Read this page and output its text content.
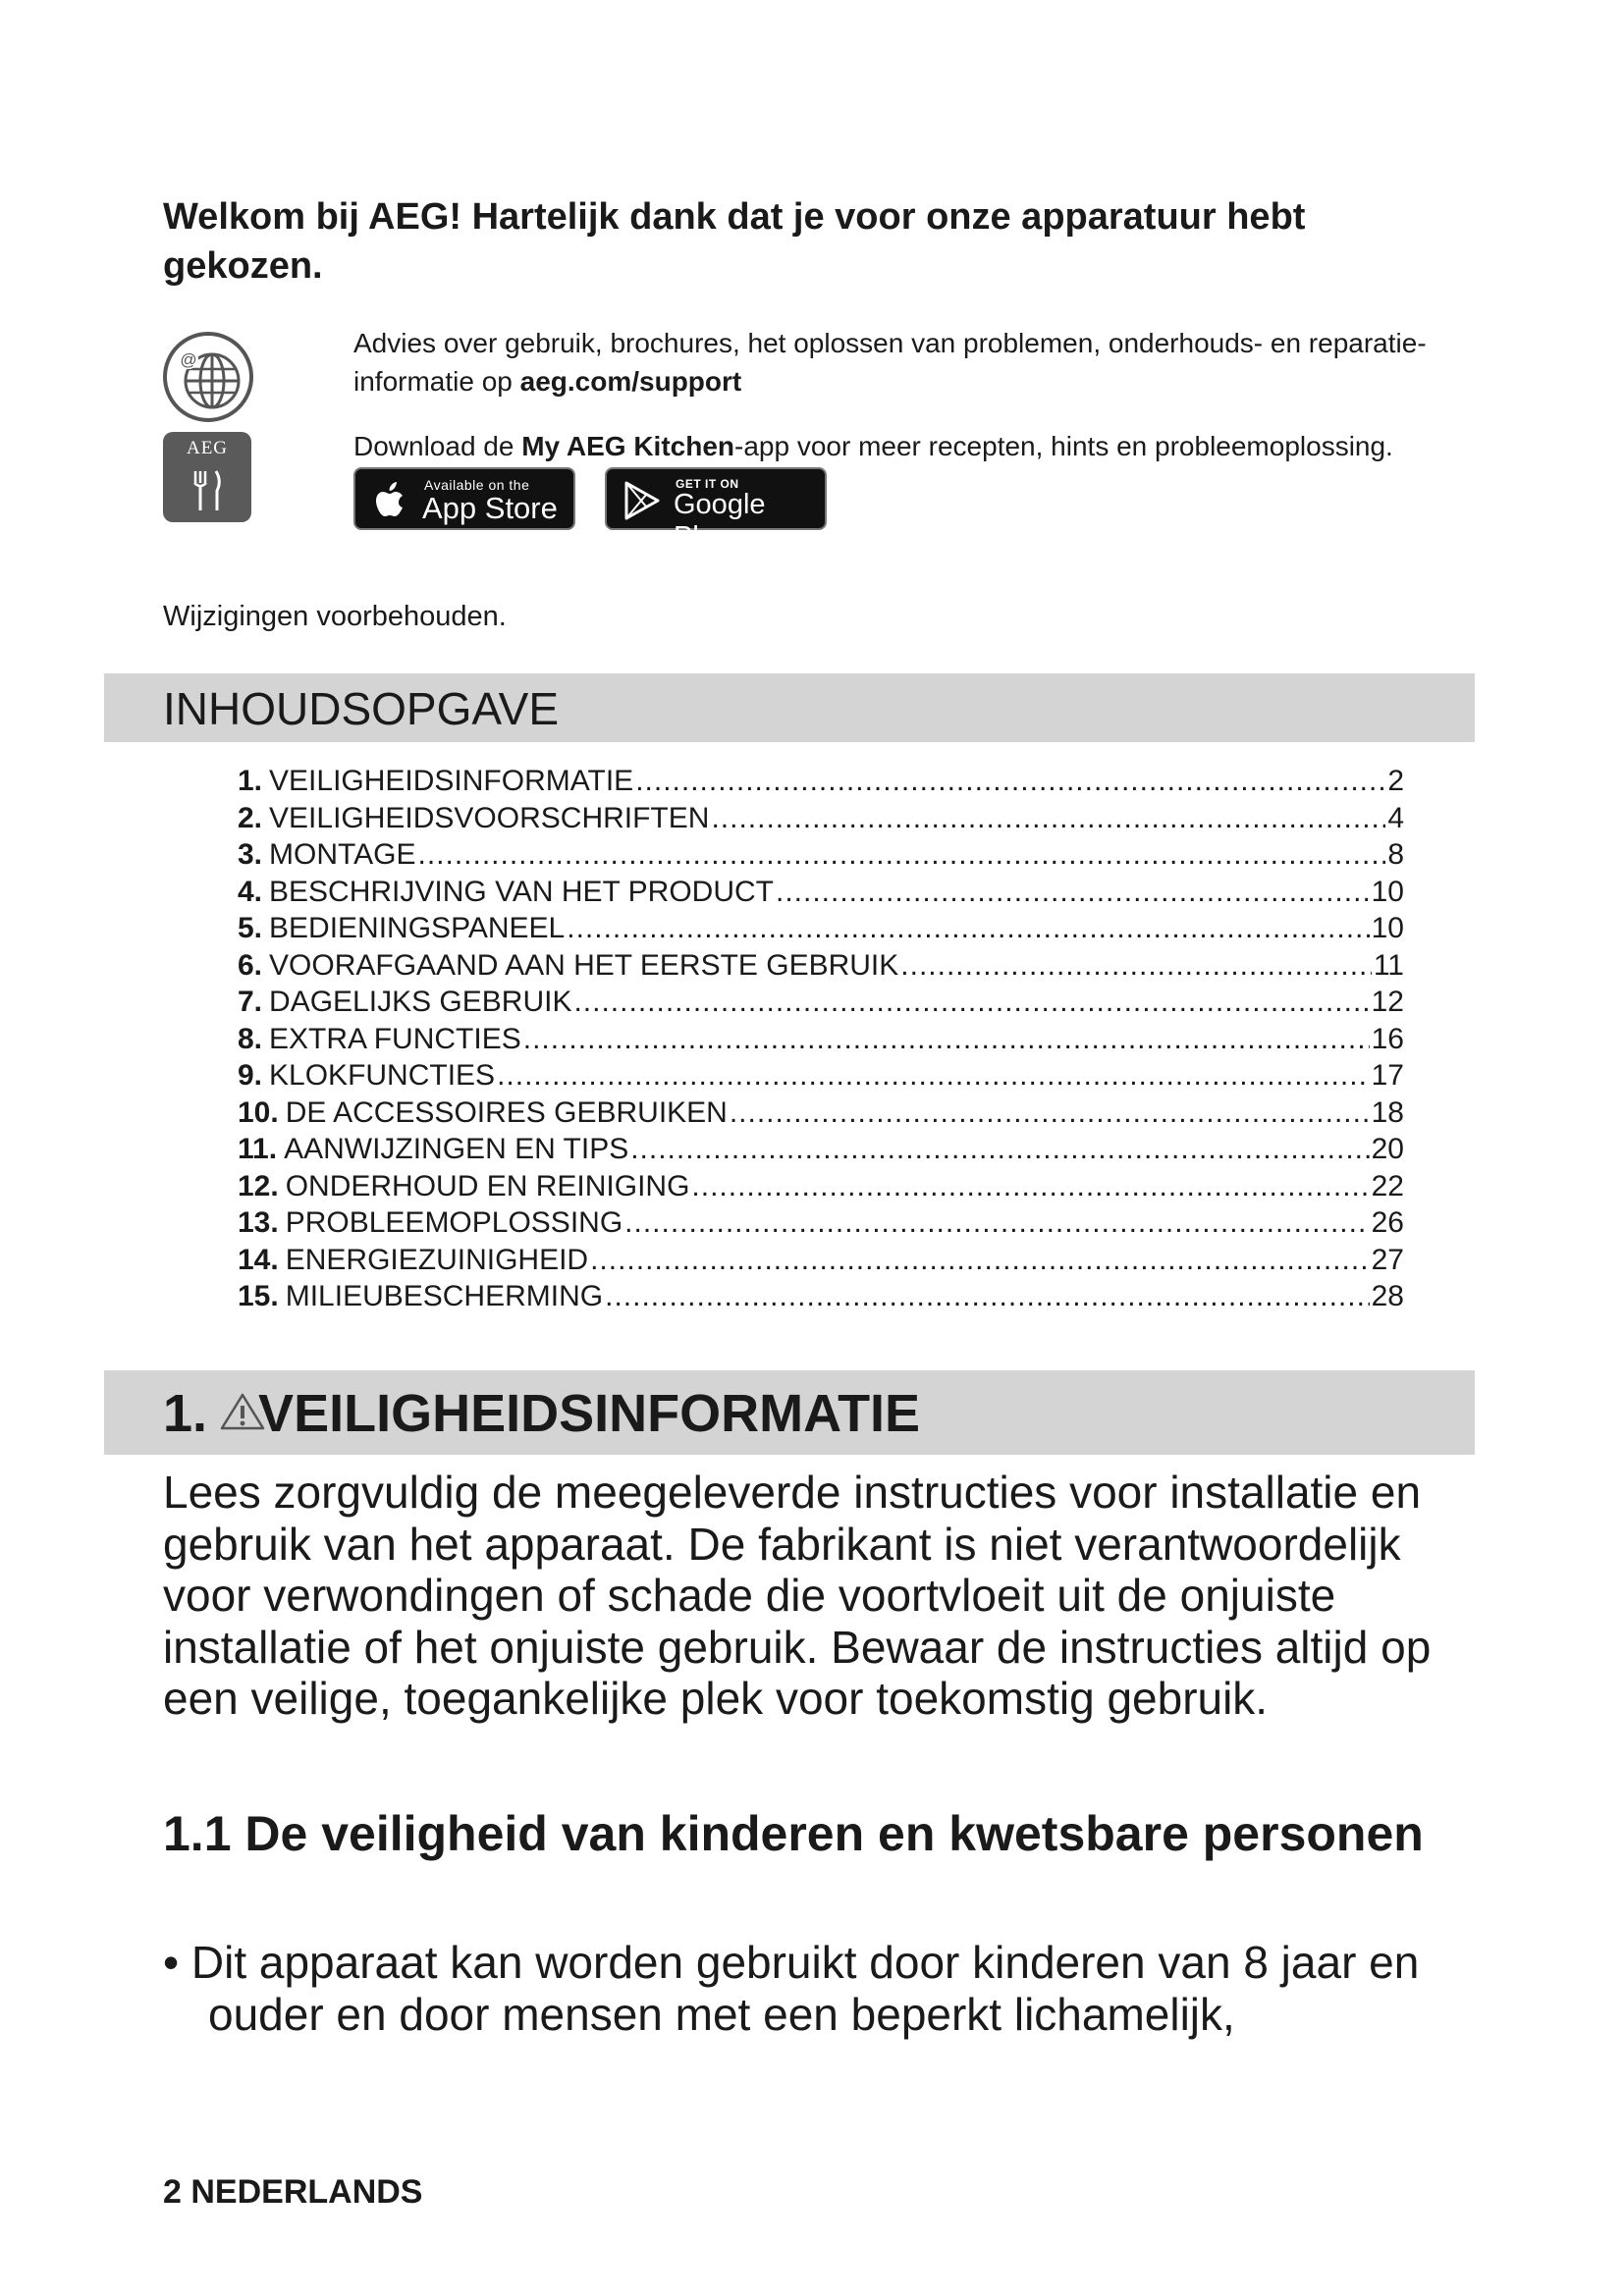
Welkom bij AEG! Hartelijk dank dat je voor onze apparatuur hebt gekozen.
@

Advies over gebruik, brochures, het oplossen van problemen, onderhouds- en reparatie-informatie op aeg.com/support

AEG	Download de My AEG Kitchen-app voor meer recepten, hints en probleemoplossing.

Available on the
App Store
GET IT ON
Google Play

Wijzigingen voorbehouden.

INHOUDSOPGAVE
1. VEILIGHEIDSINFORMATIE .....	2
2. VEILIGHEIDSVOORSCHRIFTEN .....	4
3. MONTAGE .....	8
4. BESCHRIJVING VAN HET PRODUCT .....	10
5. BEDIENINGSPANEEL .....	10
6. VOORAFGAAND AAN HET EERSTE GEBRUIK .....	11
7. DAGELIJKS GEBRUIK .....	12
8. EXTRA FUNCTIES .....	16
9. KLOKFUNCTIES .....	17
10. DE ACCESSOIRES GEBRUIKEN .....	18
11. AANWIJZINGEN EN TIPS .....	20
12. ONDERHOUD EN REINIGING .....	22
13. PROBLEEMOPLOSSING .....	26
14. ENERGIEZUINIGHEID .....	27
15. MILIEUBESCHERMING .....	28
1. VEILIGHEIDSINFORMATIE

Lees zorgvuldig de meegeleverde instructies voor installatie en gebruik van het apparaat. De fabrikant is niet verantwoordelijk voor verwondingen of schade die voortvloeit uit de onjuiste installatie of het onjuiste gebruik. Bewaar de instructies altijd op een veilige, toegankelijke plek voor toekomstig gebruik.

1.1 De veiligheid van kinderen en kwetsbare personen

• Dit apparaat kan worden gebruikt door kinderen van 8 jaar en ouder en door mensen met een beperkt lichamelijk,

2 NEDERLANDS
